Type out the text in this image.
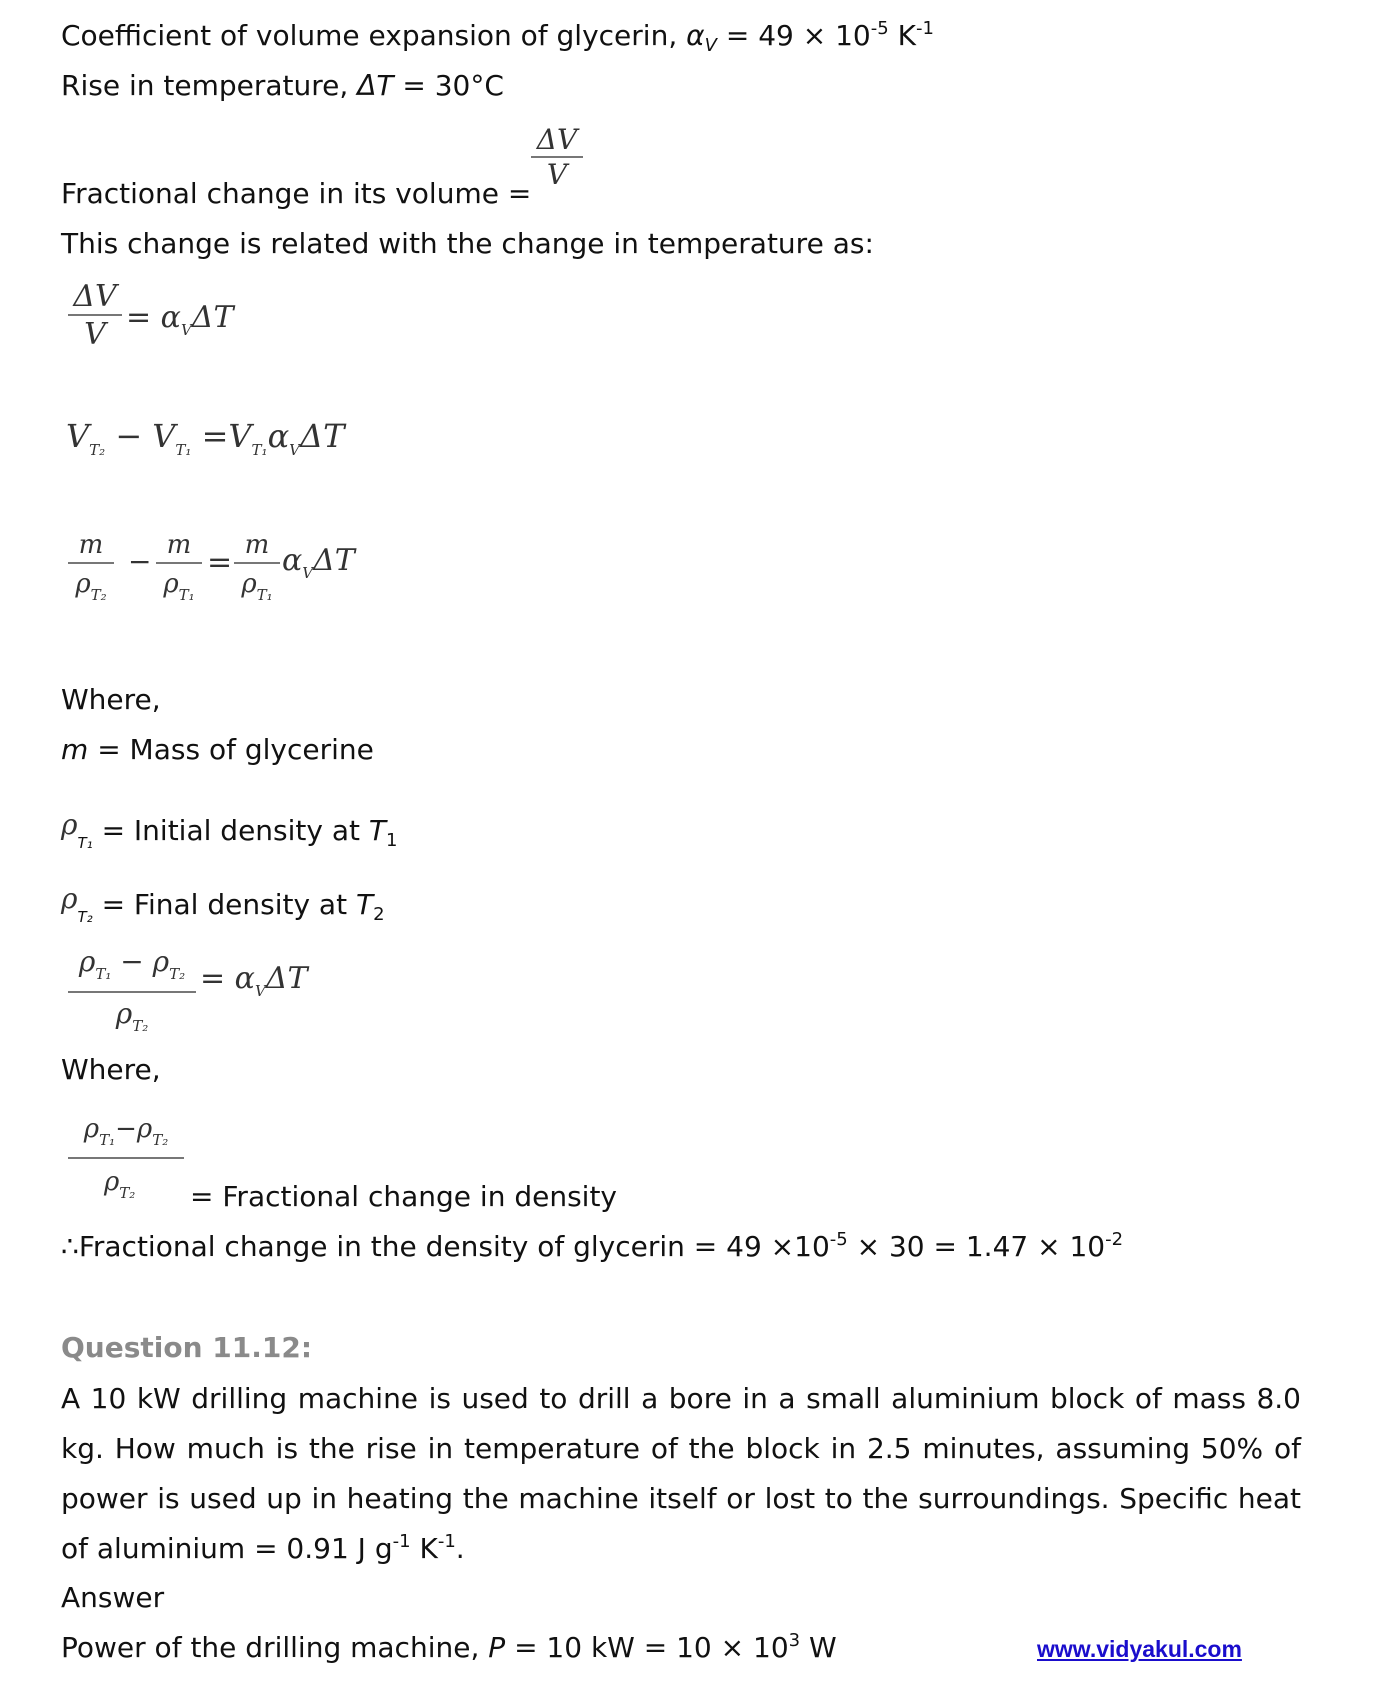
Coefficient of volume expansion of glycerin, $\alpha_V = 49 \times 10^{-5}$ $K^{-1}$
Rise in temperature, ΔT = 30°C
ΔV
V
Fractional change in its volume =
This change is related with the change in temperature as:
ΔV
$V = \alpha_V\Delta T$
$V_{T_2} - V_{T_1} =V_{T_1}\alpha_V\Delta T$
m
$\rho_{T_2}$
− m
$\rho_{T_1}$
= m
$\rho_{T_1}$
$\alpha_V\Delta T$
Where,
m = Mass of glycerine
$\rho_{T_1}$ = Initial density at $T_1$
$\rho_{T_2}$ = Final density at $T_2$
$\rho_{T_1} - \rho_{T_2}$
$\rho_{T_2}$
= $\alpha_V\Delta T$
Where,
$\rho_{T_1}-\rho_{T_2}$
$\rho_{T_2}$	= Fractional change in density
∴Fractional change in the density of glycerin = $49 \times 10^{-5} \times 30 = 1.47 \times 10^{-2}$
Question 11.12:
A 10 kW drilling machine is used to drill a bore in a small aluminium block of mass 8.0 kg. How much is the rise in temperature of the block in 2.5 minutes, assuming 50% of power is used up in heating the machine itself or lost to the surroundings. Specific heat of aluminium = 0.91 J $g^{-1}$ $K^{-1}$.
Answer
Power of the drilling machine, P = 10 kW = $10 \times 10^3$ W	www.vidyakul.com
